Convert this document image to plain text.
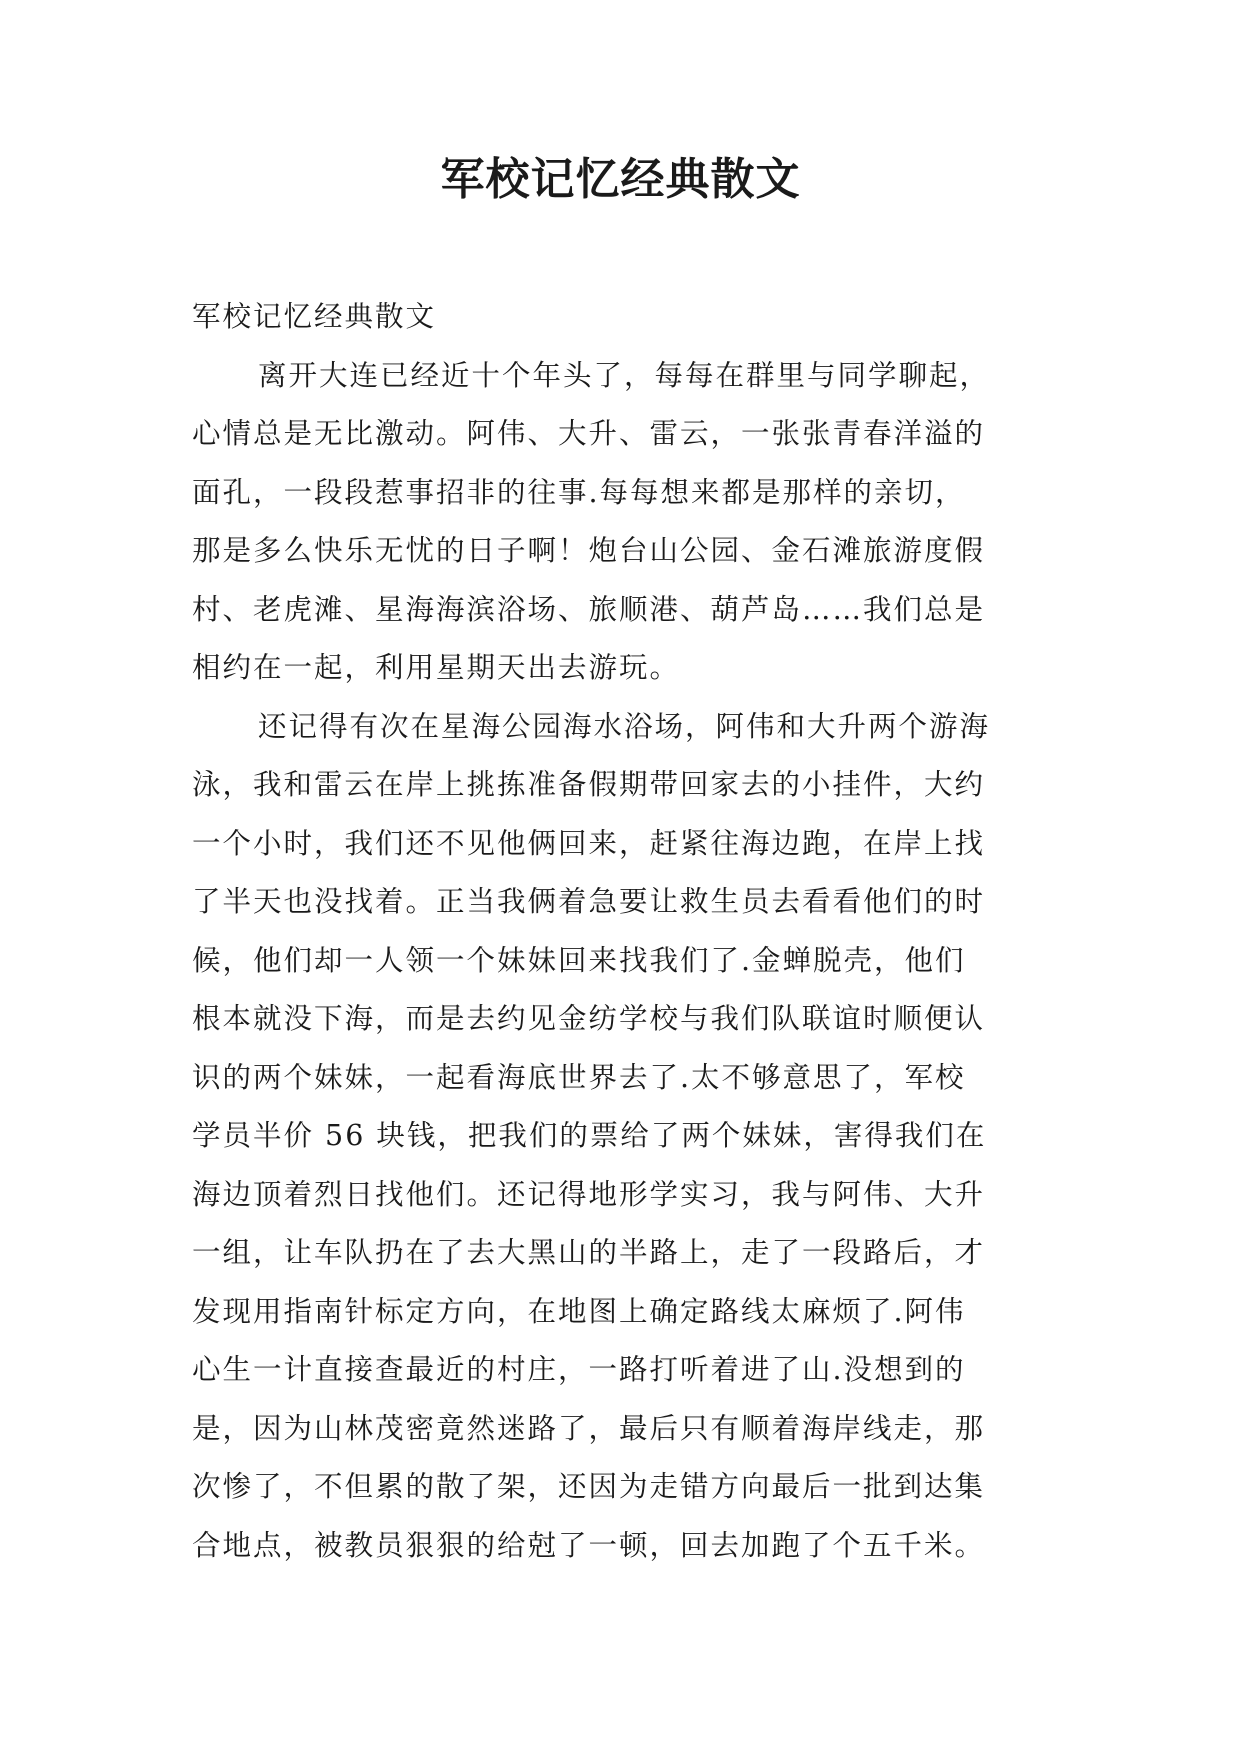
军校记忆经典散文
军校记忆经典散文
离开大连已经近十个年头了，每每在群里与同学聊起，
心情总是无比激动。阿伟、大升、雷云，一张张青春洋溢的
面孔，一段段惹事招非的往事.每每想来都是那样的亲切，
那是多么快乐无忧的日子啊！炮台山公园、金石滩旅游度假
村、老虎滩、星海海滨浴场、旅顺港、葫芦岛……我们总是
相约在一起，利用星期天出去游玩。
还记得有次在星海公园海水浴场，阿伟和大升两个游海
泳，我和雷云在岸上挑拣准备假期带回家去的小挂件，大约
一个小时，我们还不见他俩回来，赶紧往海边跑，在岸上找
了半天也没找着。正当我俩着急要让救生员去看看他们的时
候，他们却一人领一个妹妹回来找我们了.金蝉脱壳，他们
根本就没下海，而是去约见金纺学校与我们队联谊时顺便认
识的两个妹妹，一起看海底世界去了.太不够意思了，军校
学员半价 56 块钱，把我们的票给了两个妹妹，害得我们在
海边顶着烈日找他们。还记得地形学实习，我与阿伟、大升
一组，让车队扔在了去大黑山的半路上，走了一段路后，才
发现用指南针标定方向，在地图上确定路线太麻烦了.阿伟
心生一计直接查最近的村庄，一路打听着进了山.没想到的
是，因为山林茂密竟然迷路了，最后只有顺着海岸线走，那
次惨了，不但累的散了架，还因为走错方向最后一批到达集
合地点，被教员狠狠的给尅了一顿，回去加跑了个五千米。
